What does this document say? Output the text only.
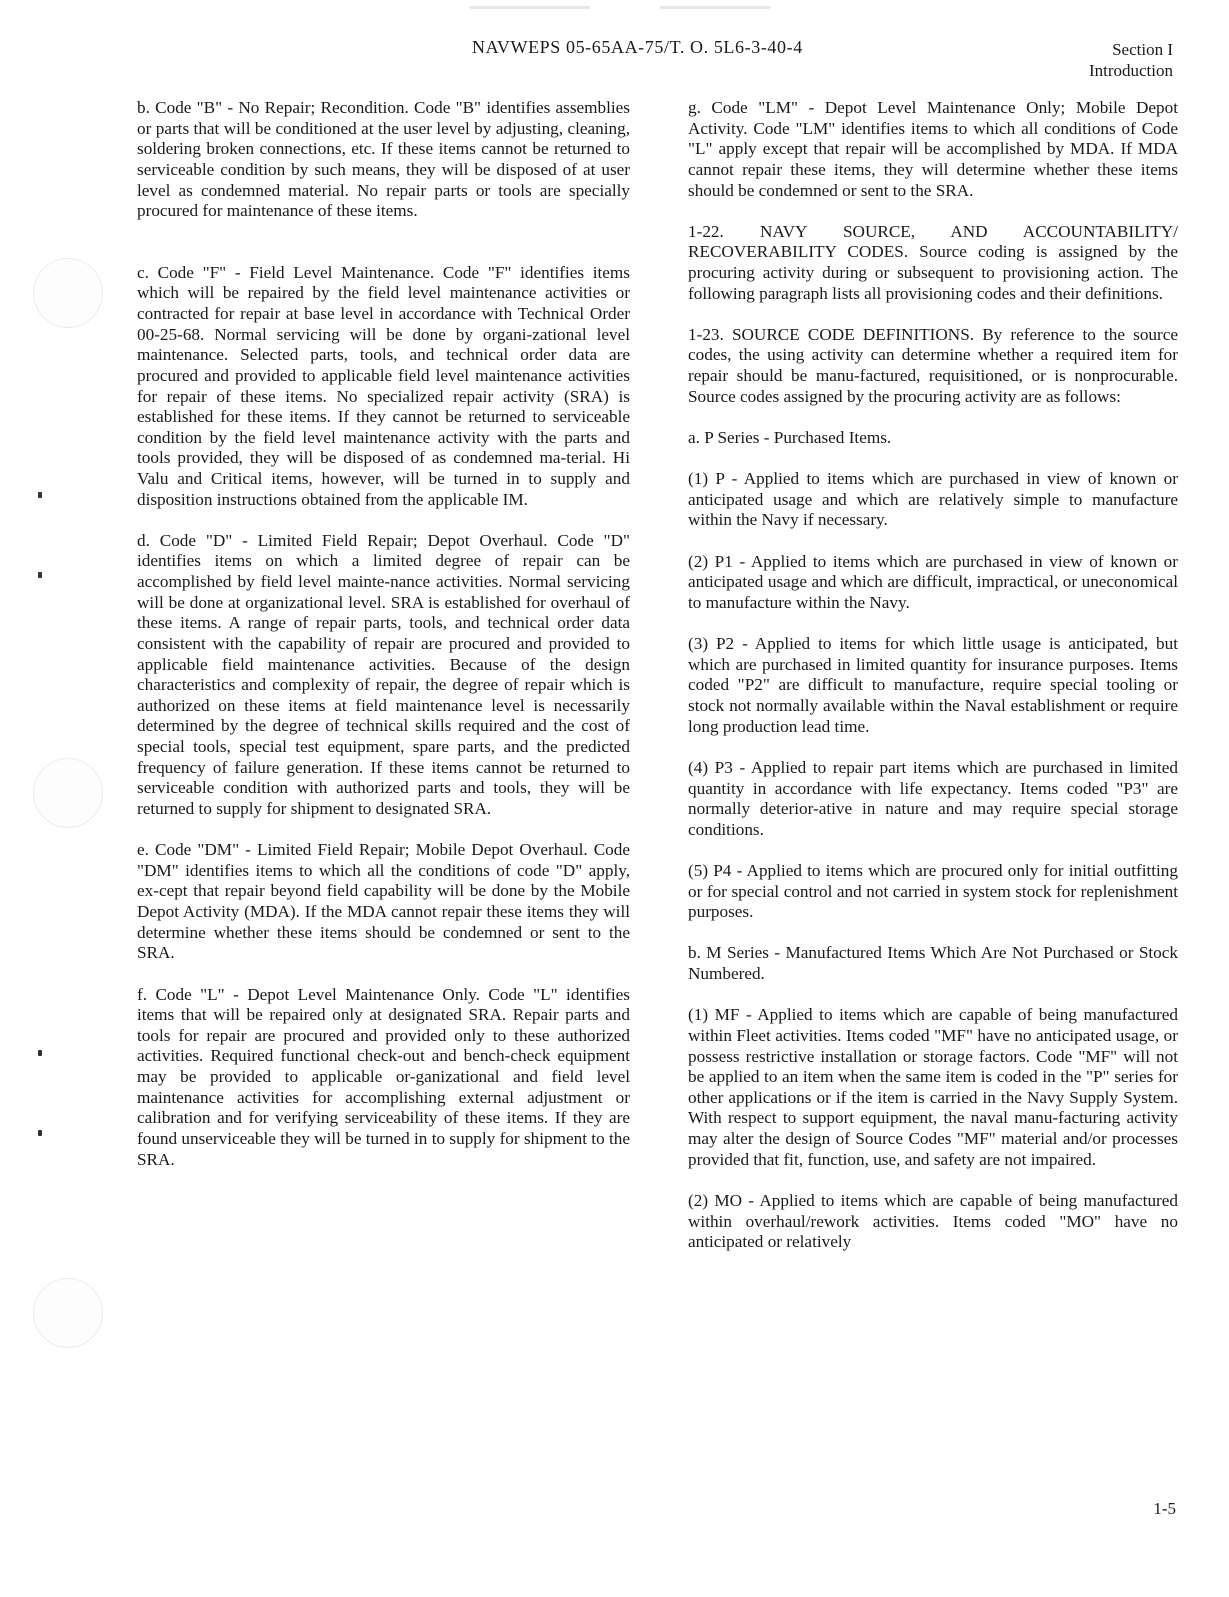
NAVWEPS 05-65AA-75/T. O. 5L6-3-40-4	Section I
Introduction

b. Code "B" - No Repair; Recondition. Code "B" identifies assemblies or parts that will be conditioned at the user level by adjusting, cleaning, soldering broken connections, etc. If these items cannot be returned to serviceable condition by such means, they will be disposed of at user level as condemned material. No repair parts or tools are specially procured for maintenance of these items.

c. Code "F" - Field Level Maintenance. Code "F" identifies items which will be repaired by the field level maintenance activities or contracted for repair at base level in accordance with Technical Order 00-25-68. Normal servicing will be done by organi-zational level maintenance. Selected parts, tools, and technical order data are procured and provided to applicable field level maintenance activities for repair of these items. No specialized repair activity (SRA) is established for these items. If they cannot be returned to serviceable condition by the field level maintenance activity with the parts and tools provided, they will be disposed of as condemned ma-terial. Hi Valu and Critical items, however, will be turned in to supply and disposition instructions obtained from the applicable IM.

d. Code "D" - Limited Field Repair; Depot Overhaul. Code "D" identifies items on which a limited degree of repair can be accomplished by field level mainte-nance activities. Normal servicing will be done at organizational level. SRA is established for overhaul of these items. A range of repair parts, tools, and technical order data consistent with the capability of repair are procured and provided to applicable field maintenance activities. Because of the design characteristics and complexity of repair, the degree of repair which is authorized on these items at field maintenance level is necessarily determined by the degree of technical skills required and the cost of special tools, special test equipment, spare parts, and the predicted frequency of failure generation. If these items cannot be returned to serviceable condition with authorized parts and tools, they will be returned to supply for shipment to designated SRA.

e. Code "DM" - Limited Field Repair; Mobile Depot Overhaul. Code "DM" identifies items to which all the conditions of code "D" apply, ex-cept that repair beyond field capability will be done by the Mobile Depot Activity (MDA). If the MDA cannot repair these items they will determine whether these items should be condemned or sent to the SRA.

f. Code "L" - Depot Level Maintenance Only. Code "L" identifies items that will be repaired only at designated SRA. Repair parts and tools for repair are procured and provided only to these authorized activities. Required functional check-out and bench-check equipment may be provided to applicable or-ganizational and field level maintenance activities for accomplishing external adjustment or calibration and for verifying serviceability of these items. If they are found unserviceable they will be turned in to supply for shipment to the SRA.

g. Code "LM" - Depot Level Maintenance Only; Mobile Depot Activity. Code "LM" identifies items to which all conditions of Code "L" apply except that repair will be accomplished by MDA. If MDA cannot repair these items, they will determine whether these items should be condemned or sent to the SRA.

1-22. NAVY SOURCE, AND ACCOUNTABILITY/ RECOVERABILITY CODES. Source coding is assigned by the procuring activity during or subsequent to provisioning action. The following paragraph lists all provisioning codes and their definitions.

1-23. SOURCE CODE DEFINITIONS. By reference to the source codes, the using activity can determine whether a required item for repair should be manu-factured, requisitioned, or is nonprocurable. Source codes assigned by the procuring activity are as follows:

a. P Series - Purchased Items.

(1) P - Applied to items which are purchased in view of known or anticipated usage and which are relatively simple to manufacture within the Navy if necessary.

(2) P1 - Applied to items which are purchased in view of known or anticipated usage and which are difficult, impractical, or uneconomical to manufacture within the Navy.

(3) P2 - Applied to items for which little usage is anticipated, but which are purchased in limited quantity for insurance purposes. Items coded "P2" are difficult to manufacture, require special tooling or stock not normally available within the Naval establishment or require long production lead time.

(4) P3 - Applied to repair part items which are purchased in limited quantity in accordance with life expectancy. Items coded "P3" are normally deterior-ative in nature and may require special storage conditions.

(5) P4 - Applied to items which are procured only for initial outfitting or for special control and not carried in system stock for replenishment purposes.

b. M Series - Manufactured Items Which Are Not Purchased or Stock Numbered.

(1) MF - Applied to items which are capable of being manufactured within Fleet activities. Items coded "MF" have no anticipated usage, or possess restrictive installation or storage factors. Code "MF" will not be applied to an item when the same item is coded in the "P" series for other applications or if the item is carried in the Navy Supply System. With respect to support equipment, the naval manu-facturing activity may alter the design of Source Codes "MF" material and/or processes provided that fit, function, use, and safety are not impaired.

(2) MO - Applied to items which are capable of being manufactured within overhaul/rework activities. Items coded "MO" have no anticipated or relatively

1-5
